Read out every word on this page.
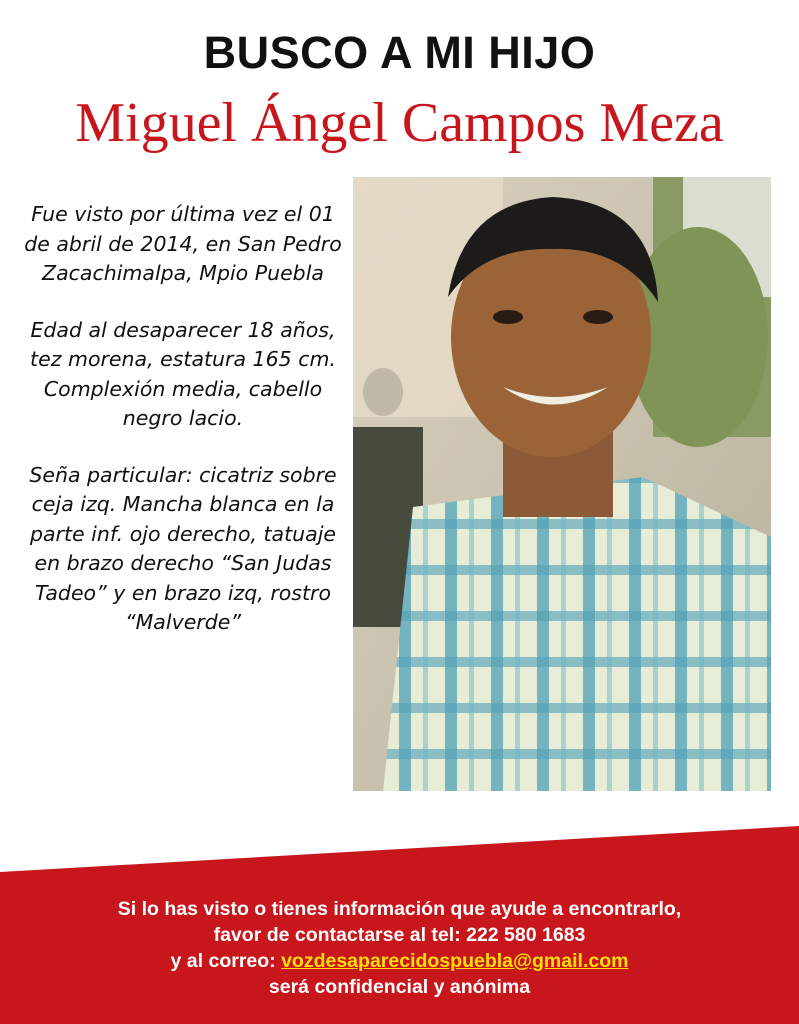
BUSCO A MI HIJO
Miguel Ángel Campos Meza

Fue visto por última vez el 01 de abril de 2014, en San Pedro Zacachimalpa, Mpio Puebla

Edad al desaparecer 18 años, tez morena, estatura 165 cm. Complexión media, cabello negro lacio.

Seña particular: cicatriz sobre ceja izq. Mancha blanca en la parte inf. ojo derecho, tatuaje en brazo derecho “San Judas Tadeo” y en brazo izq, rostro “Malverde”

Si lo has visto o tienes información que ayude a encontrarlo,
favor de contactarse al tel: 222 580 1683
y al correo: vozdesaparecidospuebla@gmail.com
será confidencial y anónima
